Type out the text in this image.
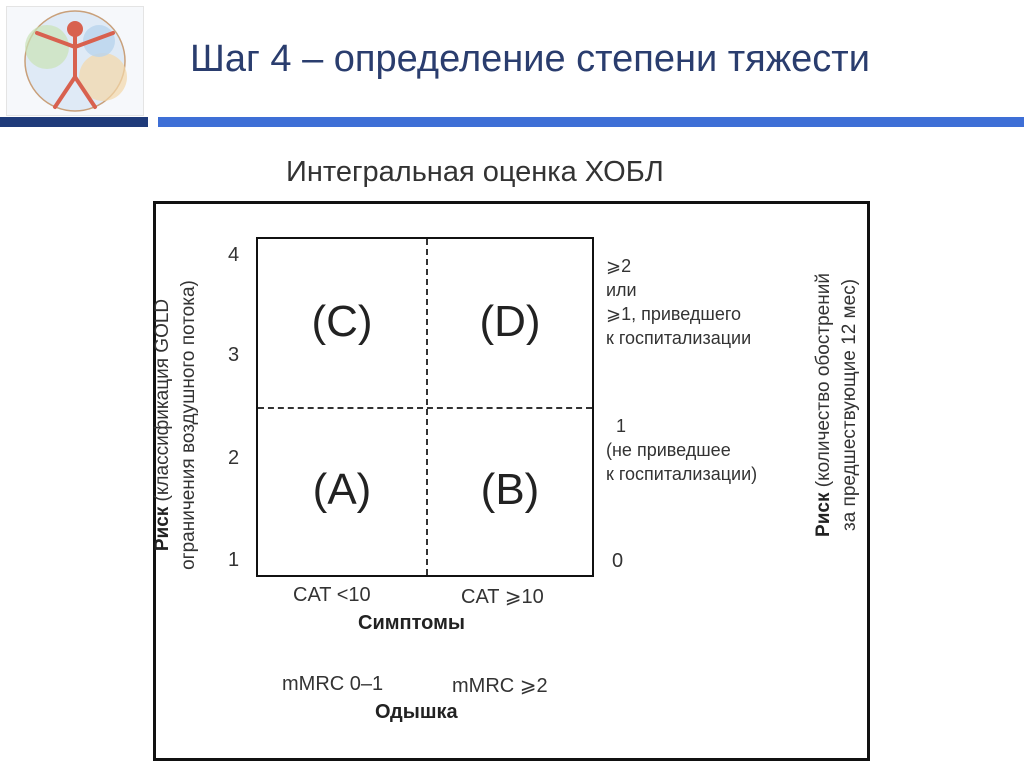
Шаг 4 – определение степени тяжести
Интегральная оценка ХОБЛ
Риск (классификация GOLD ограничения воздушного потока)
4
3
2
1
(C)	(D)
(A)	(B)
⩾2
или
⩾1, приведшего
к госпитализации
1
(не приведшее
к госпитализации)
0
Риск (количество обострений за предшествующие 12 мес)
CAT <10	CAT ⩾10
Симптомы
mMRC 0–1	mMRC ⩾2
Одышка
